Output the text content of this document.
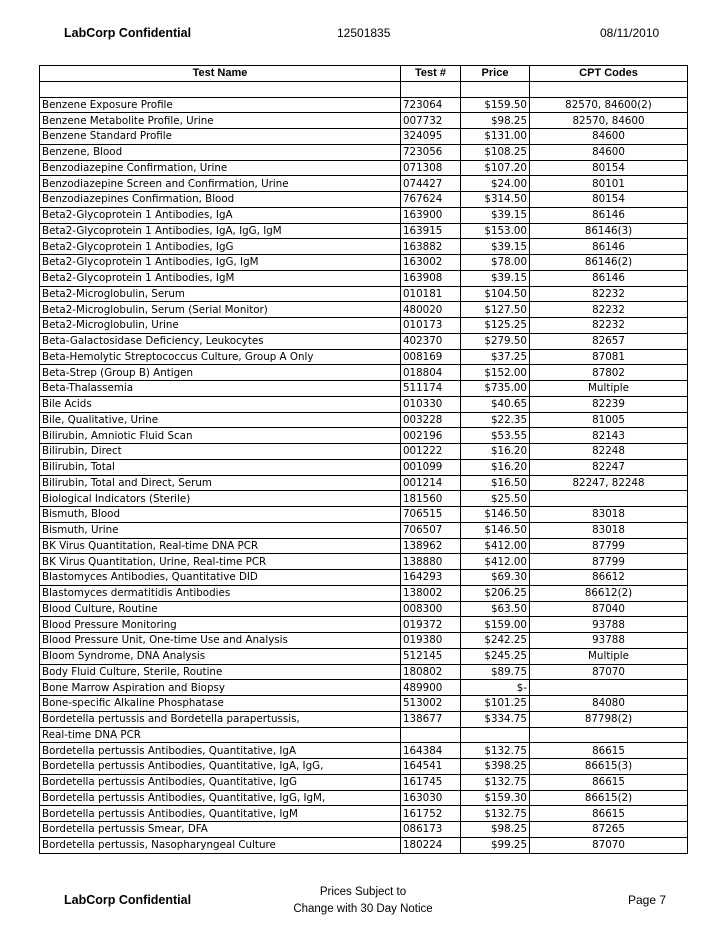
LabCorp Confidential	12501835	08/11/2010
Test Name	Test #	Price	CPT Codes

Benzene Exposure Profile	723064	$159.50	82570, 84600(2)
Benzene Metabolite Profile, Urine	007732	$98.25	82570, 84600
Benzene Standard Profile	324095	$131.00	84600
Benzene, Blood	723056	$108.25	84600
Benzodiazepine Confirmation, Urine	071308	$107.20	80154
Benzodiazepine Screen and Confirmation, Urine	074427	$24.00	80101
Benzodiazepines Confirmation, Blood	767624	$314.50	80154
Beta2-Glycoprotein 1 Antibodies, IgA	163900	$39.15	86146
Beta2-Glycoprotein 1 Antibodies, IgA, IgG, IgM	163915	$153.00	86146(3)
Beta2-Glycoprotein 1 Antibodies, IgG	163882	$39.15	86146
Beta2-Glycoprotein 1 Antibodies, IgG, IgM	163002	$78.00	86146(2)
Beta2-Glycoprotein 1 Antibodies, IgM	163908	$39.15	86146
Beta2-Microglobulin, Serum	010181	$104.50	82232
Beta2-Microglobulin, Serum (Serial Monitor)	480020	$127.50	82232
Beta2-Microglobulin, Urine	010173	$125.25	82232
Beta-Galactosidase Deficiency, Leukocytes	402370	$279.50	82657
Beta-Hemolytic Streptococcus Culture, Group A Only	008169	$37.25	87081
Beta-Strep (Group B) Antigen	018804	$152.00	87802
Beta-Thalassemia	511174	$735.00	Multiple
Bile Acids	010330	$40.65	82239
Bile, Qualitative, Urine	003228	$22.35	81005
Bilirubin, Amniotic Fluid Scan	002196	$53.55	82143
Bilirubin, Direct	001222	$16.20	82248
Bilirubin, Total	001099	$16.20	82247
Bilirubin, Total and Direct, Serum	001214	$16.50	82247, 82248
Biological Indicators (Sterile)	181560	$25.50	
Bismuth, Blood	706515	$146.50	83018
Bismuth, Urine	706507	$146.50	83018
BK Virus Quantitation, Real-time DNA PCR	138962	$412.00	87799
BK Virus Quantitation, Urine, Real-time PCR	138880	$412.00	87799
Blastomyces Antibodies, Quantitative DID	164293	$69.30	86612
Blastomyces dermatitidis Antibodies	138002	$206.25	86612(2)
Blood Culture, Routine	008300	$63.50	87040
Blood Pressure Monitoring	019372	$159.00	93788
Blood Pressure Unit, One-time Use and Analysis	019380	$242.25	93788
Bloom Syndrome, DNA Analysis	512145	$245.25	Multiple
Body Fluid Culture, Sterile, Routine	180802	$89.75	87070
Bone Marrow Aspiration and Biopsy	489900	$-	
Bone-specific Alkaline Phosphatase	513002	$101.25	84080
Bordetella pertussis and Bordetella parapertussis,	138677	$334.75	87798(2)
Real-time DNA PCR			
Bordetella pertussis Antibodies, Quantitative, IgA	164384	$132.75	86615
Bordetella pertussis Antibodies, Quantitative, IgA, IgG,	164541	$398.25	86615(3)
Bordetella pertussis Antibodies, Quantitative, IgG	161745	$132.75	86615
Bordetella pertussis Antibodies, Quantitative, IgG, IgM,	163030	$159.30	86615(2)
Bordetella pertussis Antibodies, Quantitative, IgM	161752	$132.75	86615
Bordetella pertussis Smear, DFA	086173	$98.25	87265
Bordetella pertussis, Nasopharyngeal Culture	180224	$99.25	87070
LabCorp Confidential
Prices Subject to
Change with 30 Day Notice
Page 7
